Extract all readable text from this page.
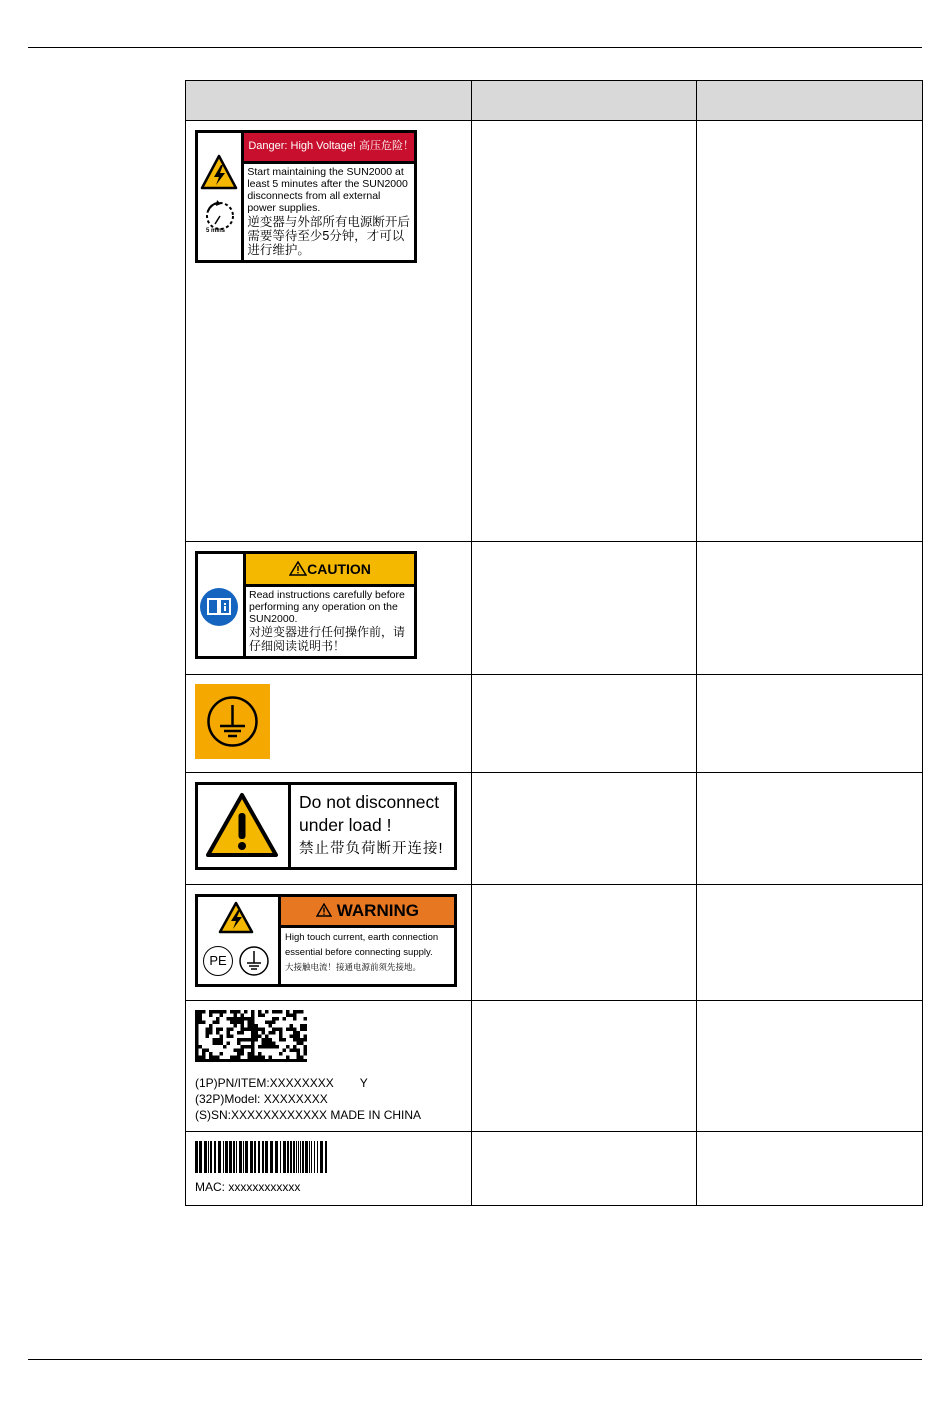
5 mins
Danger: High Voltage! 高压危险！
Start maintaining the SUN2000 at least 5 minutes after the SUN2000 disconnects from all external power supplies.
逆变器与外部所有电源断开后需要等待至少5分钟，才可以进行维护。		

CAUTION
Read instructions carefully before performing any operation on the SUN2000.
对逆变器进行任何操作前，请仔细阅读说明书！		

Do not disconnect
under load !
禁止带负荷断开连接!		

PE
WARNING
High touch current, earth connection
essential before connecting supply.
大接触电流！接通电源前须先接地。		

(1P)PN/ITEM:XXXXXXXX Y
(32P)Model: XXXXXXXX
(S)SN:XXXXXXXXXXXX MADE IN CHINA		

MAC: xxxxxxxxxxxx		
